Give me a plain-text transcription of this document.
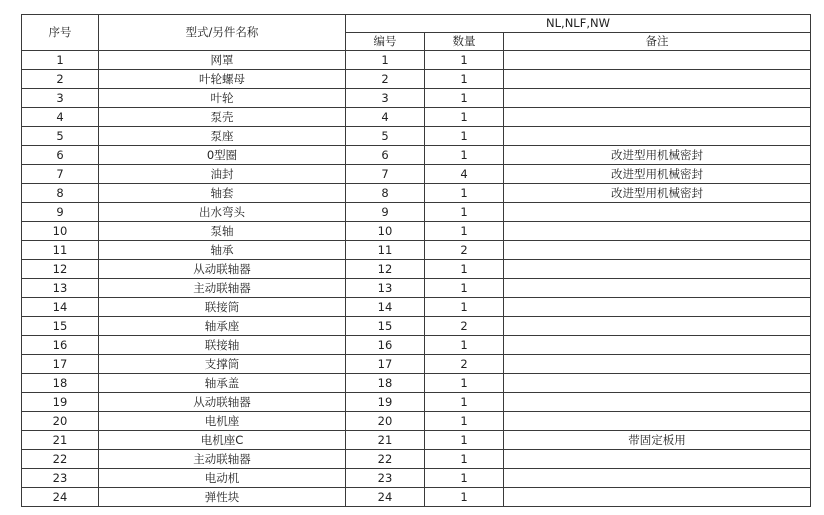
序号	型式/另件名称	NL,NLF,NW		
		编号	数量	备注
1	网罩	1	1	
2	叶轮螺母	2	1	
3	叶轮	3	1	
4	泵壳	4	1	
5	泵座	5	1	
6	0型圈	6	1	改进型用机械密封
7	油封	7	4	改进型用机械密封
8	轴套	8	1	改进型用机械密封
9	出水弯头	9	1	
10	泵轴	10	1	
11	轴承	11	2	
12	从动联轴器	12	1	
13	主动联轴器	13	1	
14	联接筒	14	1	
15	轴承座	15	2	
16	联接轴	16	1	
17	支撑筒	17	2	
18	轴承盖	18	1	
19	从动联轴器	19	1	
20	电机座	20	1	
21	电机座C	21	1	带固定板用
22	主动联轴器	22	1	
23	电动机	23	1	
24	弹性块	24	1	
